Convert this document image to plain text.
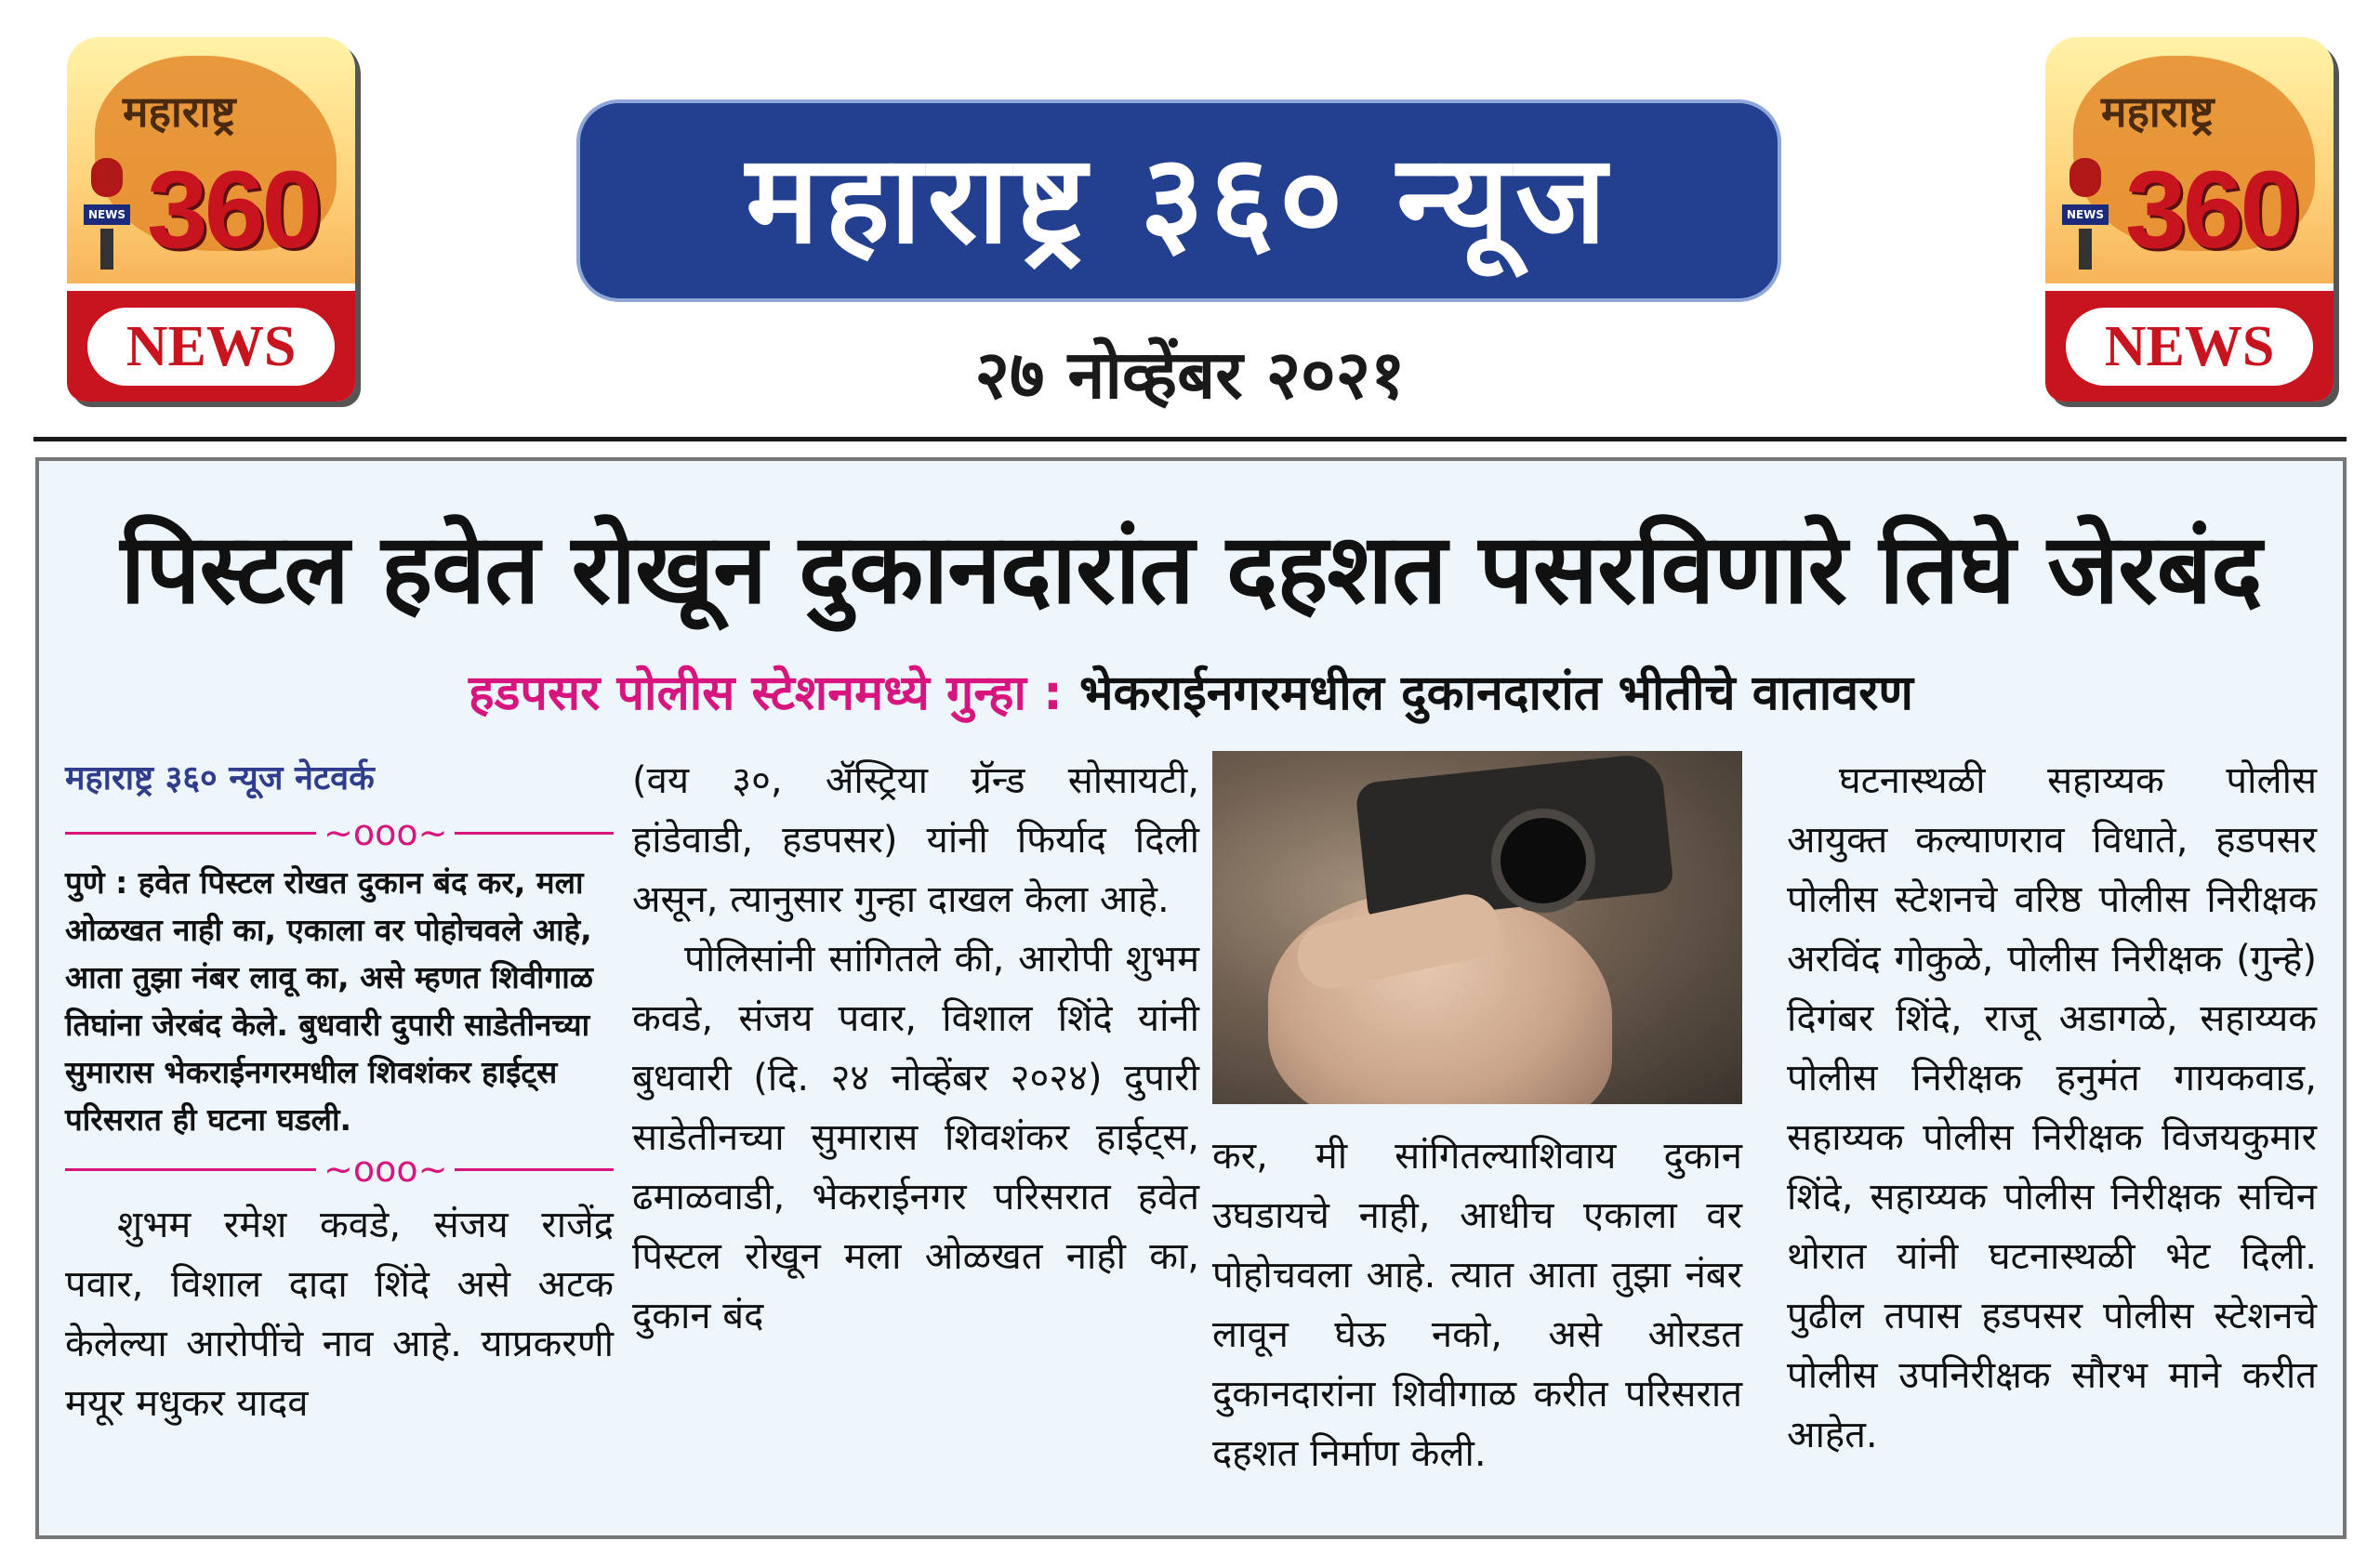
महाराष्ट्र
NEWS 360
NEWS
महाराष्ट्र
NEWS 360
NEWS
महाराष्ट्र ३६० न्यूज
२७ नोव्हेंबर २०२१
पिस्टल हवेत रोखून दुकानदारांत दहशत पसरविणारे तिघे जेरबंद
हडपसर पोलीस स्टेशनमध्ये गुन्हा : भेकराईनगरमधील दुकानदारांत भीतीचे वातावरण
महाराष्ट्र ३६० न्यूज नेटवर्क
~ooo~

पुणे : हवेत पिस्टल रोखत दुकान बंद कर, मला ओळखत नाही का, एकाला वर पोहोचवले आहे, आता तुझा नंबर लावू का, असे म्हणत शिवीगाळ तिघांना जेरबंद केले. बुधवारी दुपारी साडेतीनच्या सुमारास भेकराईनगरमधील शिवशंकर हाईट्स परिसरात ही घटना घडली.

~ooo~

शुभम रमेश कवडे, संजय राजेंद्र पवार, विशाल दादा शिंदे असे अटक केलेल्या आरोपींचे नाव आहे. याप्रकरणी मयूर मधुकर यादव

(वय ३०, ॲस्ट्रिया ग्रॅन्ड सोसायटी, हांडेवाडी, हडपसर) यांनी फिर्याद दिली असून, त्यानुसार गुन्हा दाखल केला आहे.

पोलिसांनी सांगितले की, आरोपी शुभम कवडे, संजय पवार, विशाल शिंदे यांनी बुधवारी (दि. २४ नोव्हेंबर २०२४) दुपारी साडेतीनच्या सुमारास शिवशंकर हाईट्स, ढमाळवाडी, भेकराईनगर परिसरात हवेत पिस्टल रोखून मला ओळखत नाही का, दुकान बंद

कर, मी सांगितल्याशिवाय दुकान उघडायचे नाही, आधीच एकाला वर पोहोचवला आहे. त्यात आता तुझा नंबर लावून घेऊ नको, असे ओरडत दुकानदारांना शिवीगाळ करीत परिसरात दहशत निर्माण केली.

घटनास्थळी सहाय्यक पोलीस आयुक्त कल्याणराव विधाते, हडपसर पोलीस स्टेशनचे वरिष्ठ पोलीस निरीक्षक अरविंद गोकुळे, पोलीस निरीक्षक (गुन्हे) दिगंबर शिंदे, राजू अडागळे, सहाय्यक पोलीस निरीक्षक हनुमंत गायकवाड, सहाय्यक पोलीस निरीक्षक विजयकुमार शिंदे, सहाय्यक पोलीस निरीक्षक सचिन थोरात यांनी घटनास्थळी भेट दिली. पुढील तपास हडपसर पोलीस स्टेशनचे पोलीस उपनिरीक्षक सौरभ माने करीत आहेत.
